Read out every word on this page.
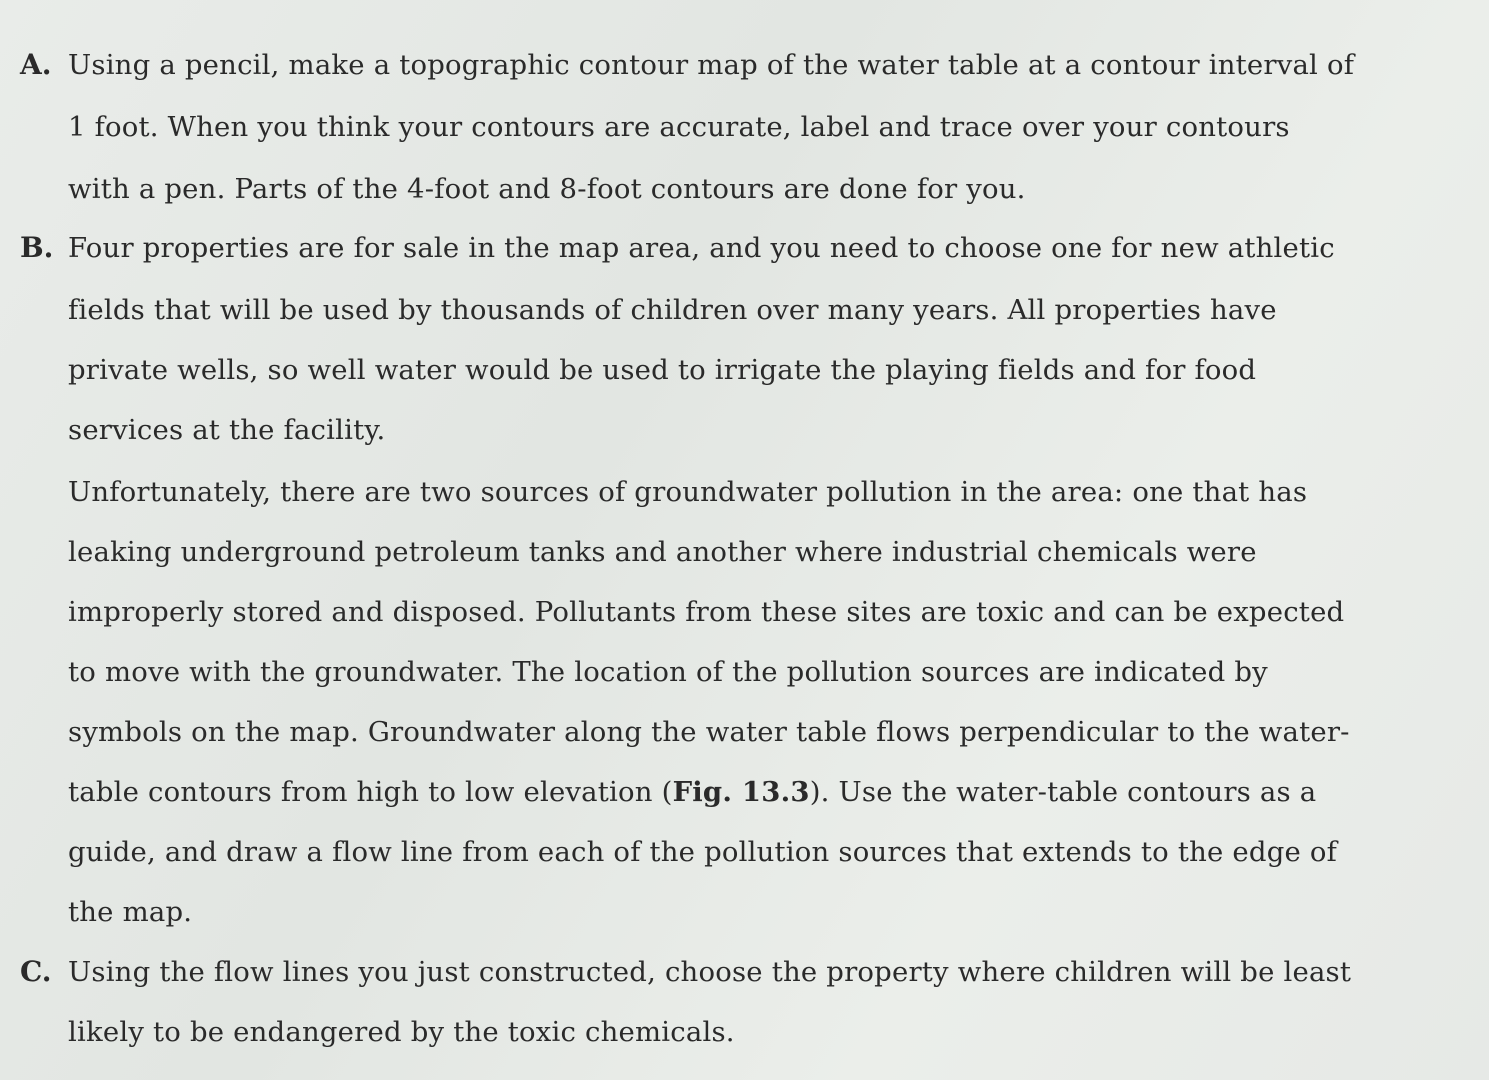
A. Using a pencil, make a topographic contour map of the water table at a contour interval of
1 foot. When you think your contours are accurate, label and trace over your contours
with a pen. Parts of the 4-foot and 8-foot contours are done for you.
B. Four properties are for sale in the map area, and you need to choose one for new athletic
fields that will be used by thousands of children over many years. All properties have
private wells, so well water would be used to irrigate the playing fields and for food
services at the facility.
Unfortunately, there are two sources of groundwater pollution in the area: one that has
leaking underground petroleum tanks and another where industrial chemicals were
improperly stored and disposed. Pollutants from these sites are toxic and can be expected
to move with the groundwater. The location of the pollution sources are indicated by
symbols on the map. Groundwater along the water table flows perpendicular to the water-
table contours from high to low elevation (Fig. 13.3). Use the water-table contours as a
guide, and draw a flow line from each of the pollution sources that extends to the edge of
the map.
C. Using the flow lines you just constructed, choose the property where children will be least
likely to be endangered by the toxic chemicals.
